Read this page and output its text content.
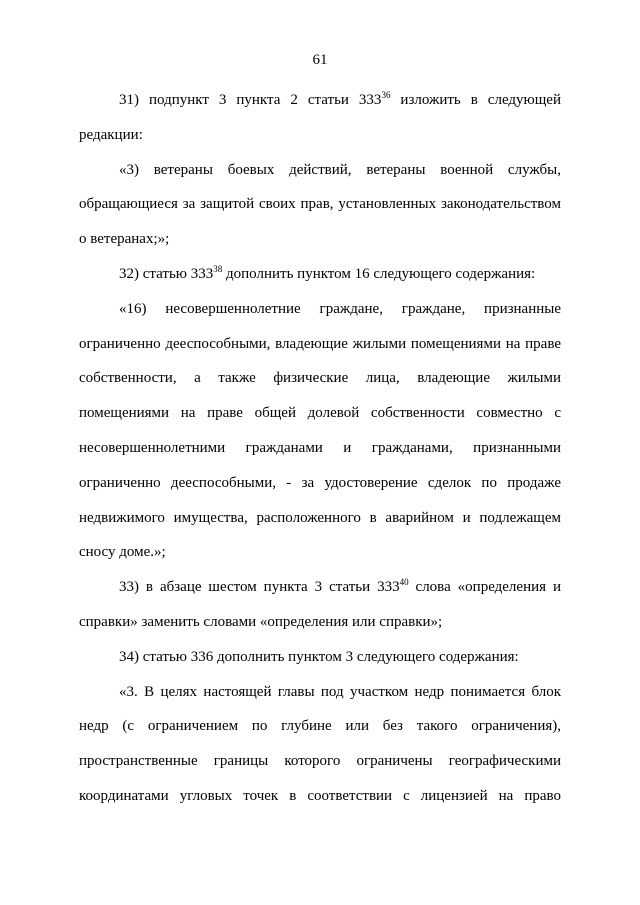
61

31) подпункт 3 пункта 2 статьи $333^{36}$ изложить в следующей редакции:

«3) ветераны боевых действий, ветераны военной службы, обращающиеся за защитой своих прав, установленных законодательством о ветеранах;»;

32) статью $333^{38}$ дополнить пунктом 16 следующего содержания:

«16) несовершеннолетние граждане, граждане, признанные ограниченно дееспособными, владеющие жилыми помещениями на праве собственности, а также физические лица, владеющие жилыми помещениями на праве общей долевой собственности совместно с несовершеннолетними гражданами и гражданами, признанными ограниченно дееспособными, - за удостоверение сделок по продаже недвижимого имущества, расположенного в аварийном и подлежащем сносу доме.»;

33) в абзаце шестом пункта 3 статьи $333^{40}$ слова «определения и справки» заменить словами «определения или справки»;

34) статью 336 дополнить пунктом 3 следующего содержания:

«3. В целях настоящей главы под участком недр понимается блок недр (с ограничением по глубине или без такого ограничения), пространственные границы которого ограничены географическими координатами угловых точек в соответствии с лицензией на право
